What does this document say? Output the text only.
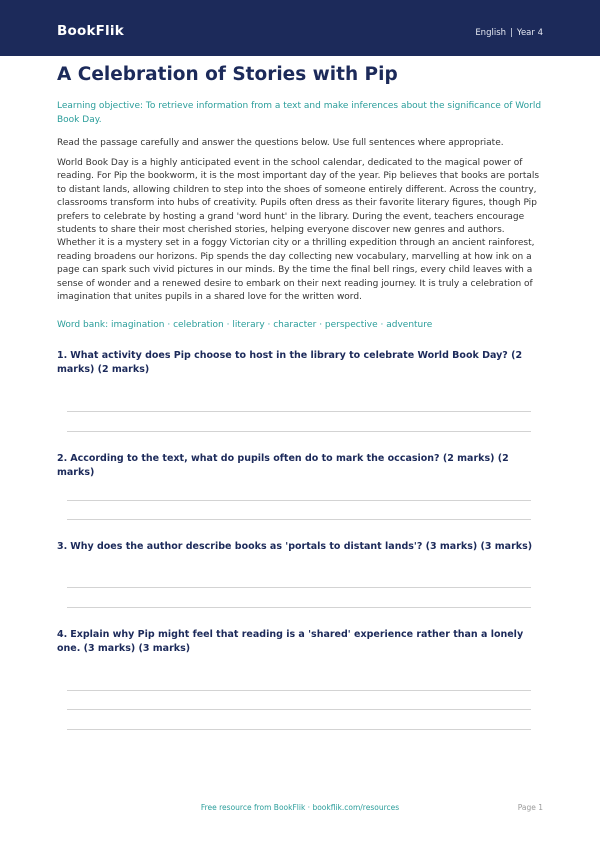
BookFlik	English | Year 4
A Celebration of Stories with Pip

Learning objective: To retrieve information from a text and make inferences about the significance of World Book Day.

Read the passage carefully and answer the questions below. Use full sentences where appropriate.

World Book Day is a highly anticipated event in the school calendar, dedicated to the magical power of reading. For Pip the bookworm, it is the most important day of the year. Pip believes that books are portals to distant lands, allowing children to step into the shoes of someone entirely different. Across the country, classrooms transform into hubs of creativity. Pupils often dress as their favorite literary figures, though Pip prefers to celebrate by hosting a grand 'word hunt' in the library. During the event, teachers encourage students to share their most cherished stories, helping everyone discover new genres and authors. Whether it is a mystery set in a foggy Victorian city or a thrilling expedition through an ancient rainforest, reading broadens our horizons. Pip spends the day collecting new vocabulary, marvelling at how ink on a page can spark such vivid pictures in our minds. By the time the final bell rings, every child leaves with a sense of wonder and a renewed desire to embark on their next reading journey. It is truly a celebration of imagination that unites pupils in a shared love for the written word.

Word bank: imagination · celebration · literary · character · perspective · adventure

1. What activity does Pip choose to host in the library to celebrate World Book Day? (2 marks) (2 marks)

2. According to the text, what do pupils often do to mark the occasion? (2 marks) (2 marks)

3. Why does the author describe books as 'portals to distant lands'? (3 marks) (3 marks)

4. Explain why Pip might feel that reading is a 'shared' experience rather than a lonely one. (3 marks) (3 marks)

Free resource from BookFlik · bookflik.com/resources	Page 1
